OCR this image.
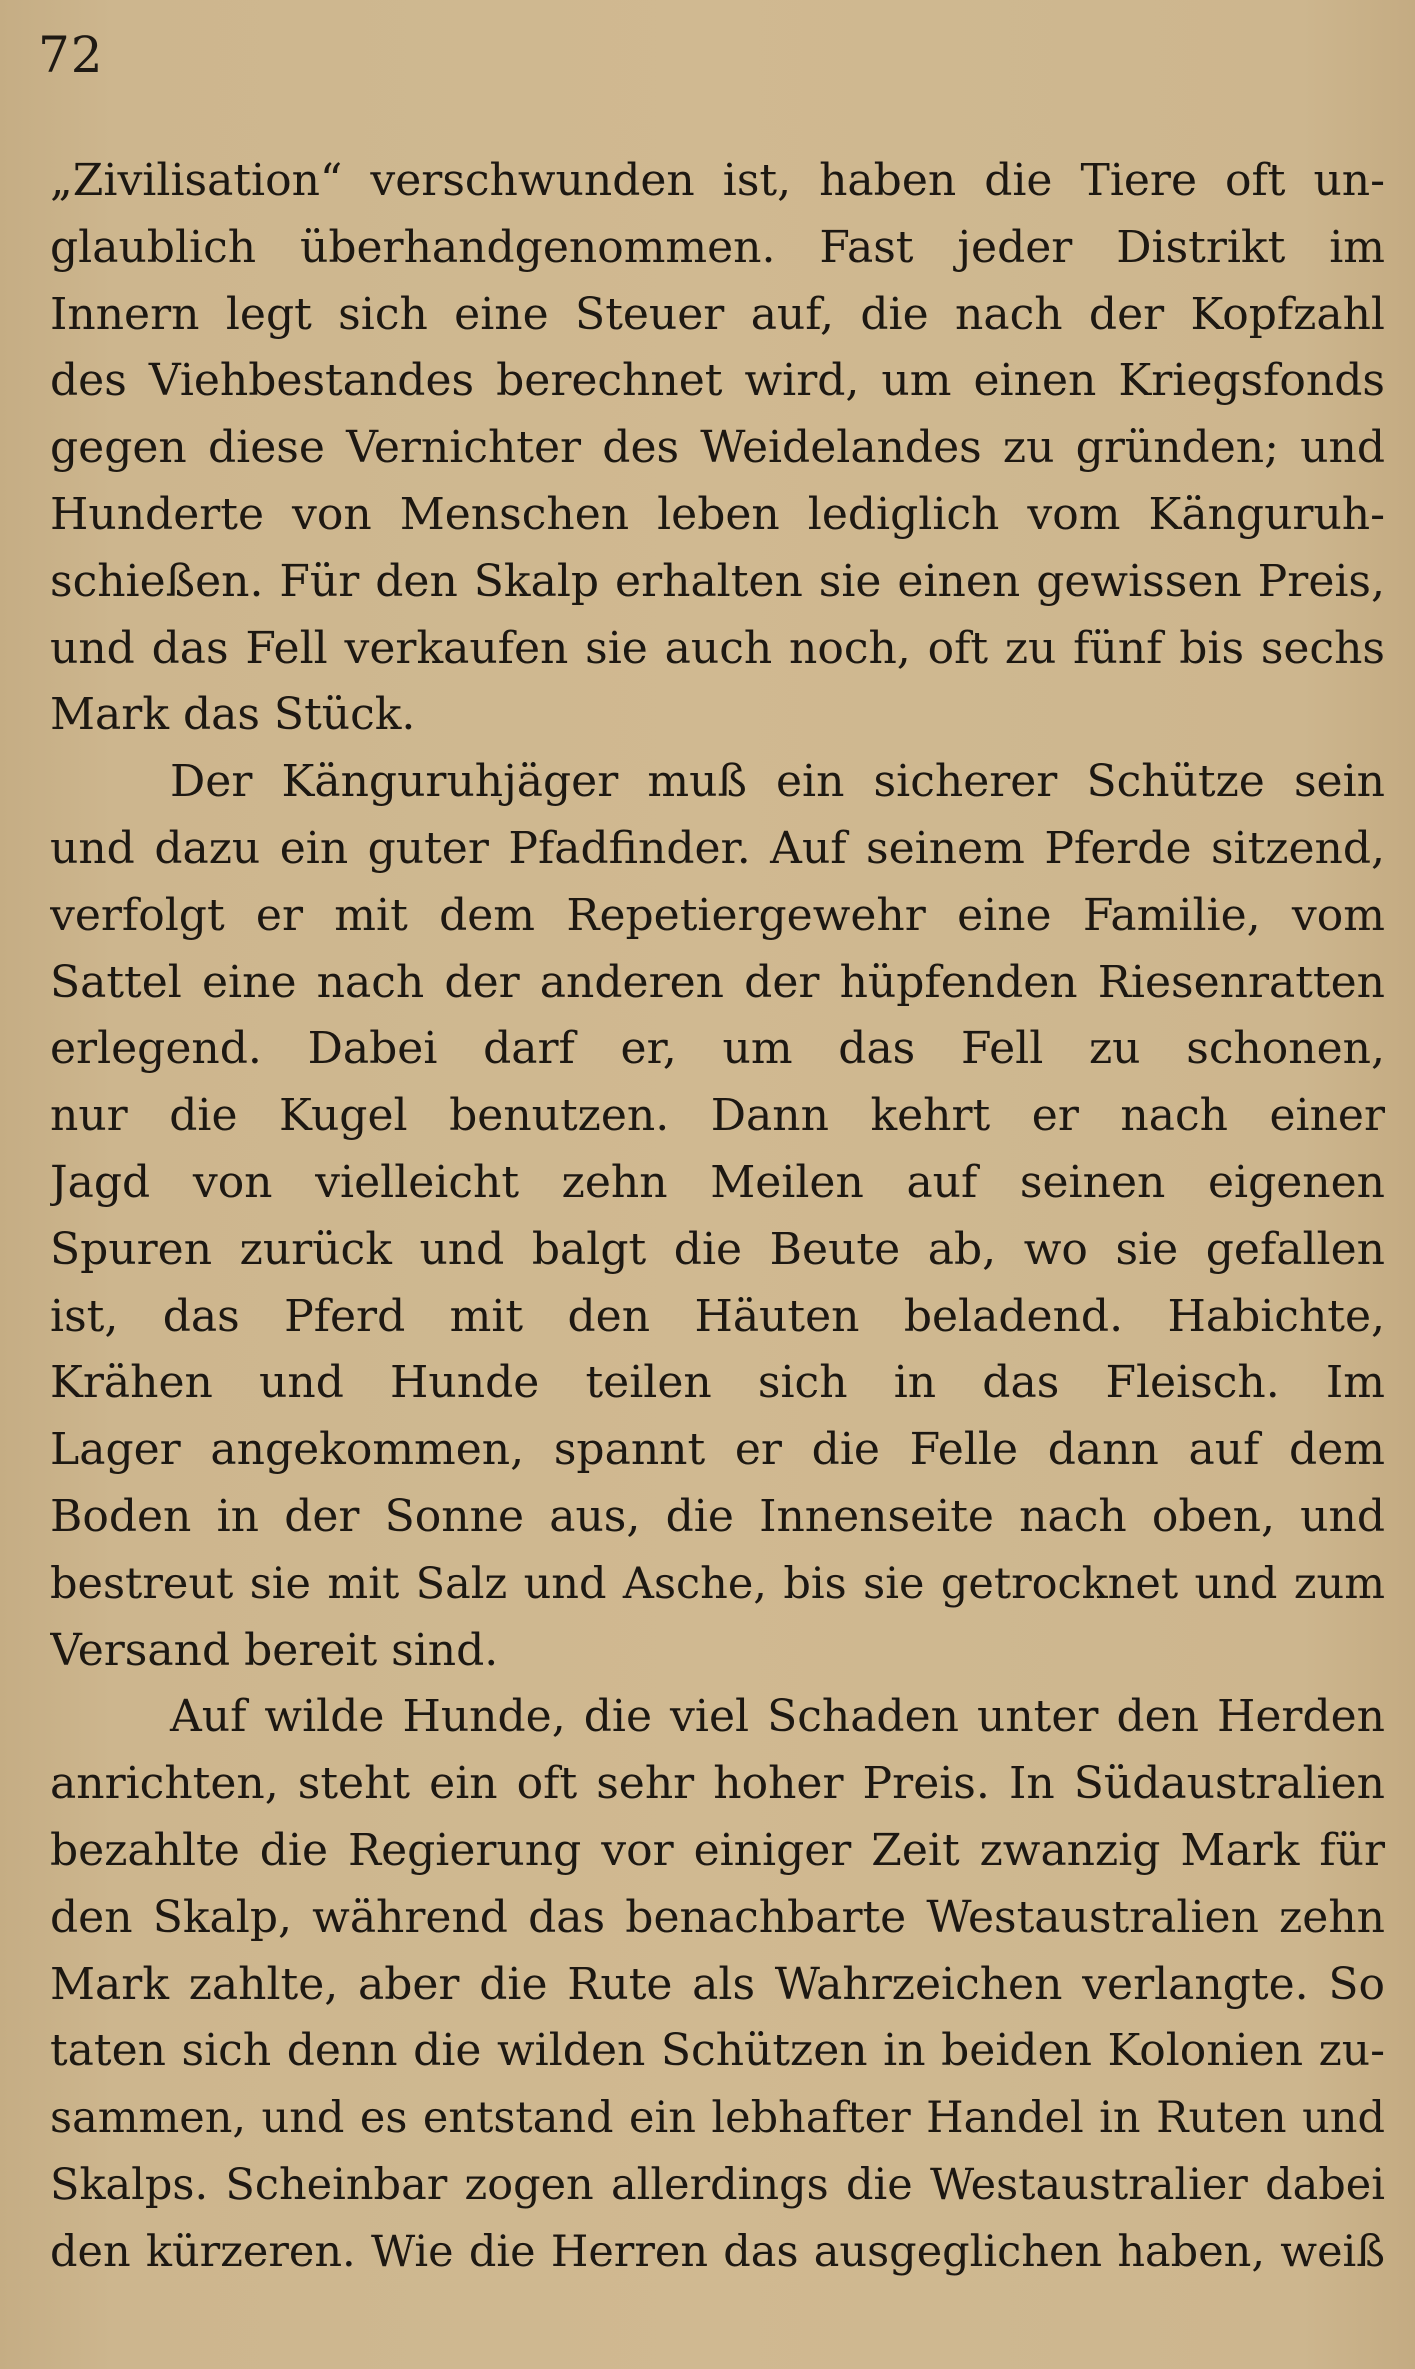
72
„Zivilisation“ verschwunden ist, haben die Tiere oft un-
glaublich überhandgenommen. Fast jeder Distrikt im
Innern legt sich eine Steuer auf, die nach der Kopfzahl
des Viehbestandes berechnet wird, um einen Kriegsfonds
gegen diese Vernichter des Weidelandes zu gründen; und
Hunderte von Menschen leben lediglich vom Känguruh-
schießen. Für den Skalp erhalten sie einen gewissen Preis,
und das Fell verkaufen sie auch noch, oft zu fünf bis sechs
Mark das Stück.
Der Känguruhjäger muß ein sicherer Schütze sein
und dazu ein guter Pfadfinder. Auf seinem Pferde sitzend,
verfolgt er mit dem Repetiergewehr eine Familie, vom
Sattel eine nach der anderen der hüpfenden Riesenratten
erlegend. Dabei darf er, um das Fell zu schonen,
nur die Kugel benutzen. Dann kehrt er nach einer
Jagd von vielleicht zehn Meilen auf seinen eigenen
Spuren zurück und balgt die Beute ab, wo sie gefallen
ist, das Pferd mit den Häuten beladend. Habichte,
Krähen und Hunde teilen sich in das Fleisch. Im
Lager angekommen, spannt er die Felle dann auf dem
Boden in der Sonne aus, die Innenseite nach oben, und
bestreut sie mit Salz und Asche, bis sie getrocknet und zum
Versand bereit sind.
Auf wilde Hunde, die viel Schaden unter den Herden
anrichten, steht ein oft sehr hoher Preis. In Südaustralien
bezahlte die Regierung vor einiger Zeit zwanzig Mark für
den Skalp, während das benachbarte Westaustralien zehn
Mark zahlte, aber die Rute als Wahrzeichen verlangte. So
taten sich denn die wilden Schützen in beiden Kolonien zu-
sammen, und es entstand ein lebhafter Handel in Ruten und
Skalps. Scheinbar zogen allerdings die Westaustralier dabei
den kürzeren. Wie die Herren das ausgeglichen haben, weiß
